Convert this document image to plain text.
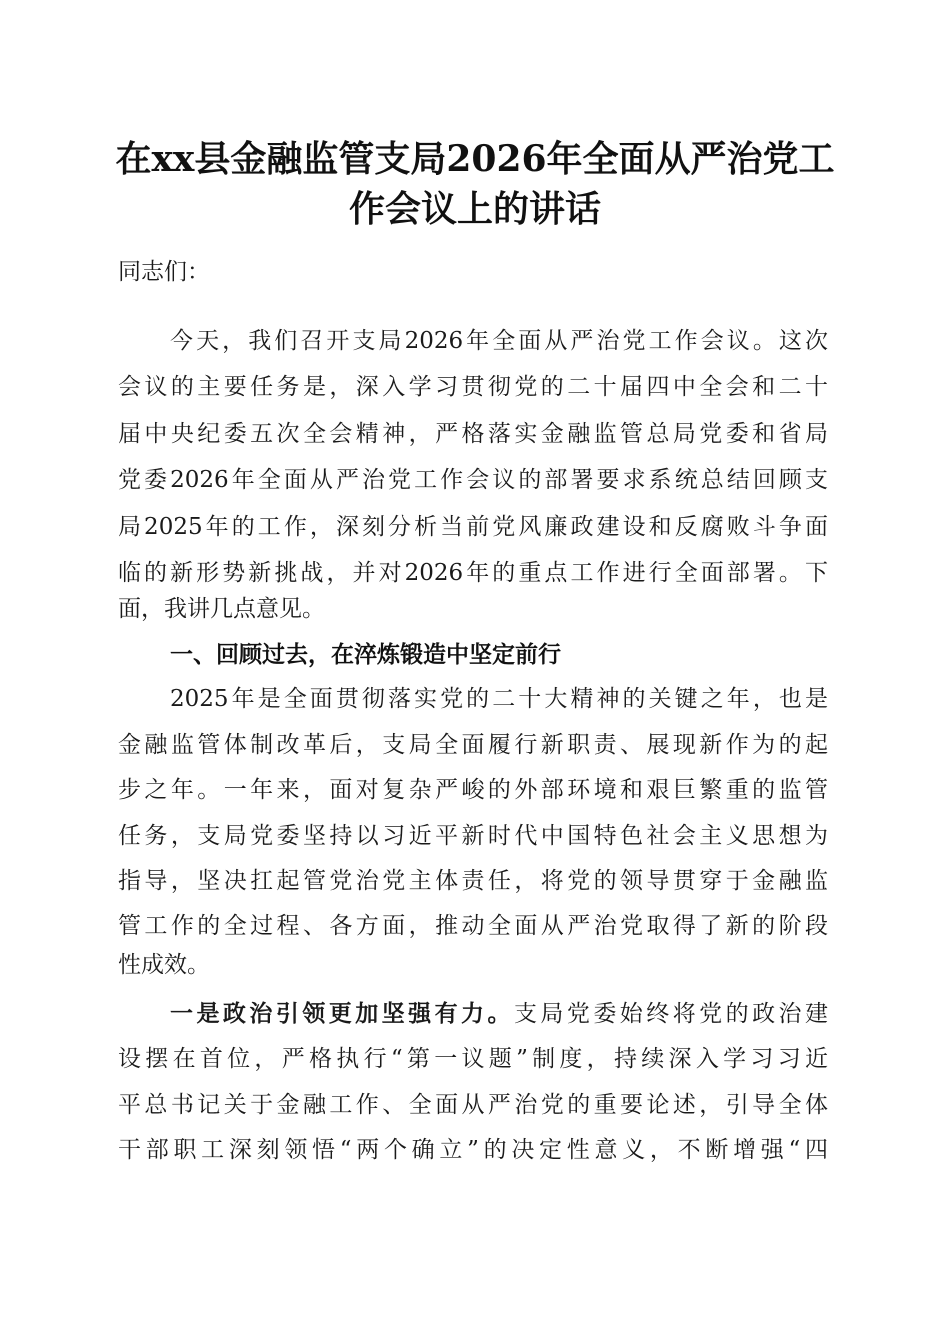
在xx县金融监管支局2026年全面从严治党工
作会议上的讲话
同志们：
今天，我们召开支局2026年全面从严治党工作会议。这次
会议的主要任务是，深入学习贯彻党的二十届四中全会和二十
届中央纪委五次全会精神，严格落实金融监管总局党委和省局
党委2026年全面从严治党工作会议的部署要求系统总结回顾支
局2025年的工作，深刻分析当前党风廉政建设和反腐败斗争面
临的新形势新挑战，并对2026年的重点工作进行全面部署。下
面，我讲几点意见。
一、回顾过去，在淬炼锻造中坚定前行
2025年是全面贯彻落实党的二十大精神的关键之年，也是
金融监管体制改革后，支局全面履行新职责、展现新作为的起
步之年。一年来，面对复杂严峻的外部环境和艰巨繁重的监管
任务，支局党委坚持以习近平新时代中国特色社会主义思想为
指导，坚决扛起管党治党主体责任，将党的领导贯穿于金融监
管工作的全过程、各方面，推动全面从严治党取得了新的阶段
性成效。
一是政治引领更加坚强有力。支局党委始终将党的政治建
设摆在首位，严格执行“第一议题”制度，持续深入学习习近
平总书记关于金融工作、全面从严治党的重要论述，引导全体
干部职工深刻领悟“两个确立”的决定性意义，不断增强“四
